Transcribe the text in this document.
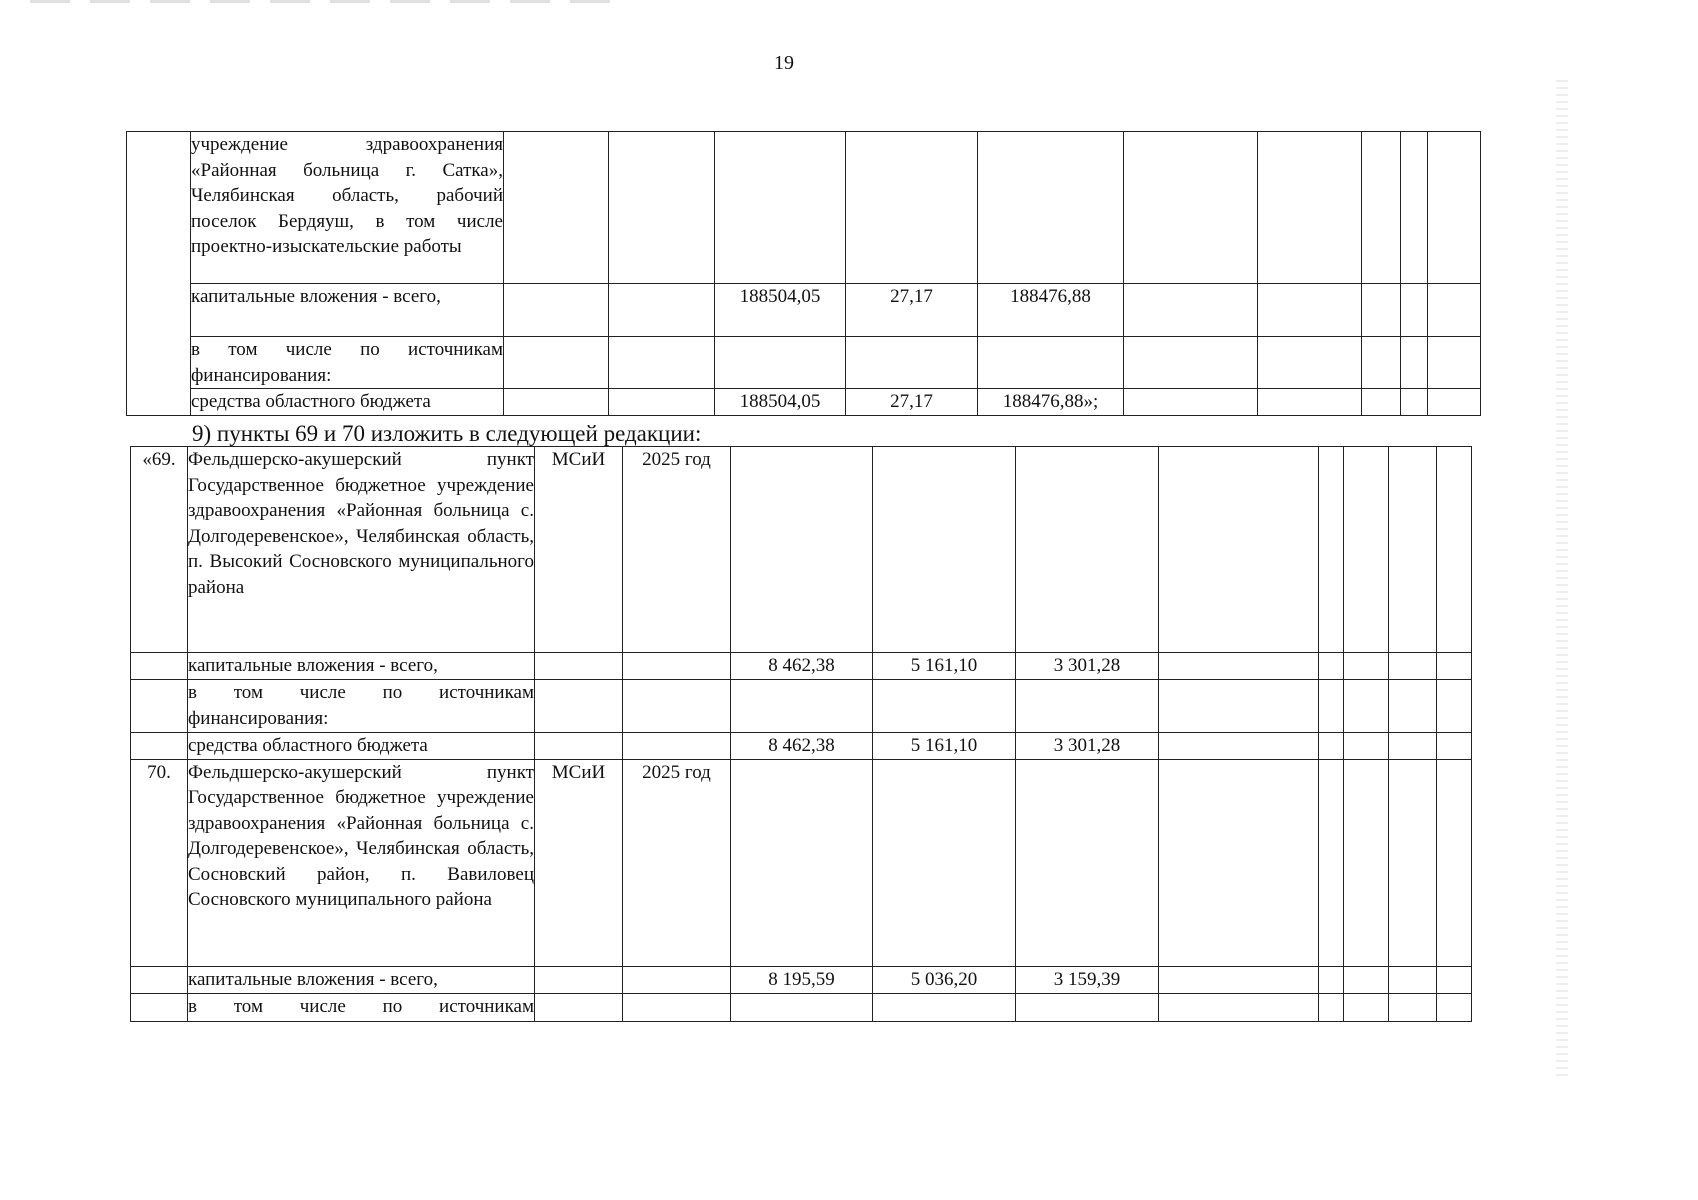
19
	учреждение здравоохранения «Районная больница г. Сатка», Челябинская область, рабочий поселок Бердяуш, в том числе проектно-изыскательские работы										
	капитальные вложения - всего,			188504,05	27,17	188476,88					
	в том числе по источникам финансирования:										
	средства областного бюджета			188504,05	27,17	188476,88»;					
9) пункты 69 и 70 изложить в следующей редакции:
«69.	Фельдшерско-акушерский пункт Государственное бюджетное учреждение здравоохранения «Районная больница с. Долгодеревенское», Челябинская область, п. Высокий Сосновского муниципального района	МСиИ	2025 год								
	капитальные вложения - всего,			8 462,38	5 161,10	3 301,28					
	в том числе по источникам финансирования:										
	средства областного бюджета			8 462,38	5 161,10	3 301,28					
70.	Фельдшерско-акушерский пункт Государственное бюджетное учреждение здравоохранения «Районная больница с. Долгодеревенское», Челябинская область, Сосновский район, п. Вавиловец Сосновского муниципального района	МСиИ	2025 год								
	капитальные вложения - всего,			8 195,59	5 036,20	3 159,39					
	в том числе по источникам										
